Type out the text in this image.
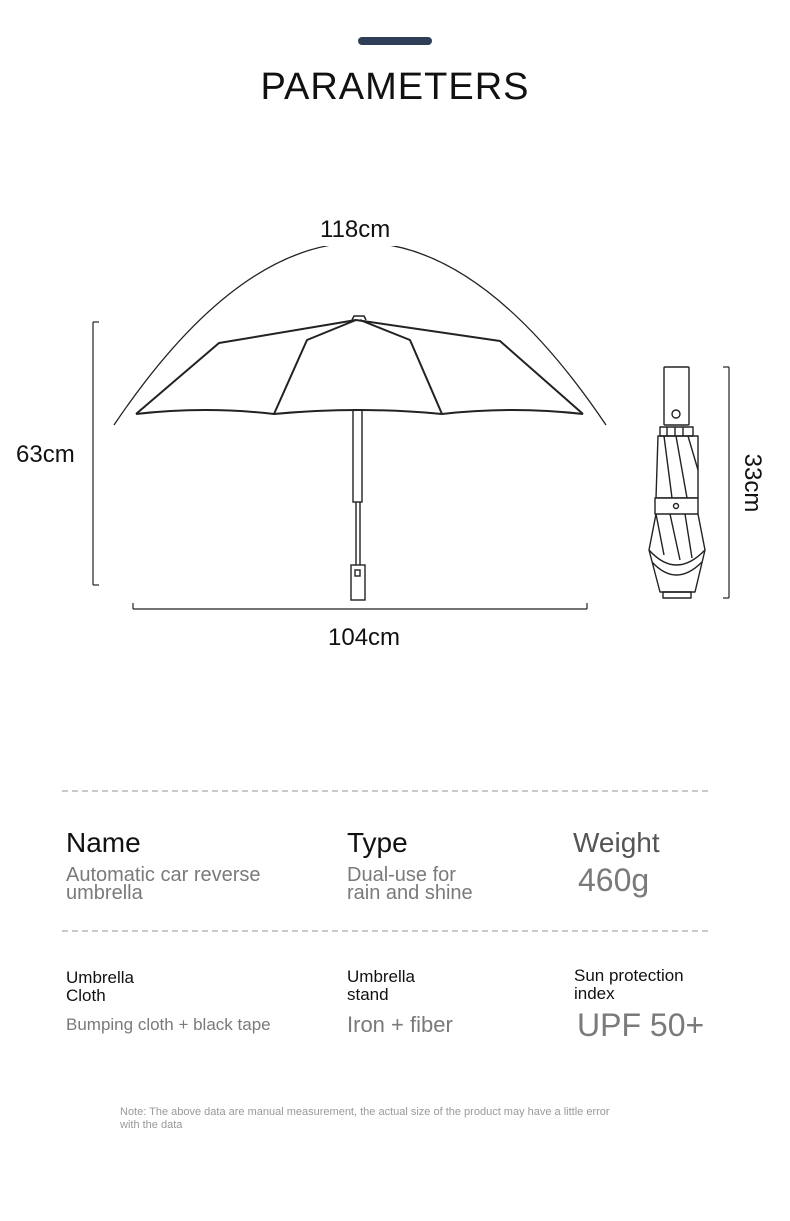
PARAMETERS
118cm
63cm
104cm
33cm
Name
Automatic car reverse
umbrella
Type
Dual-use for
rain and shine
Weight
460g
Umbrella
Cloth
Bumping cloth + black tape
Umbrella
stand
Iron + fiber
Sun protection
index
UPF 50+
Note: The above data are manual measurement, the actual size of the product may have a little error
with the data
